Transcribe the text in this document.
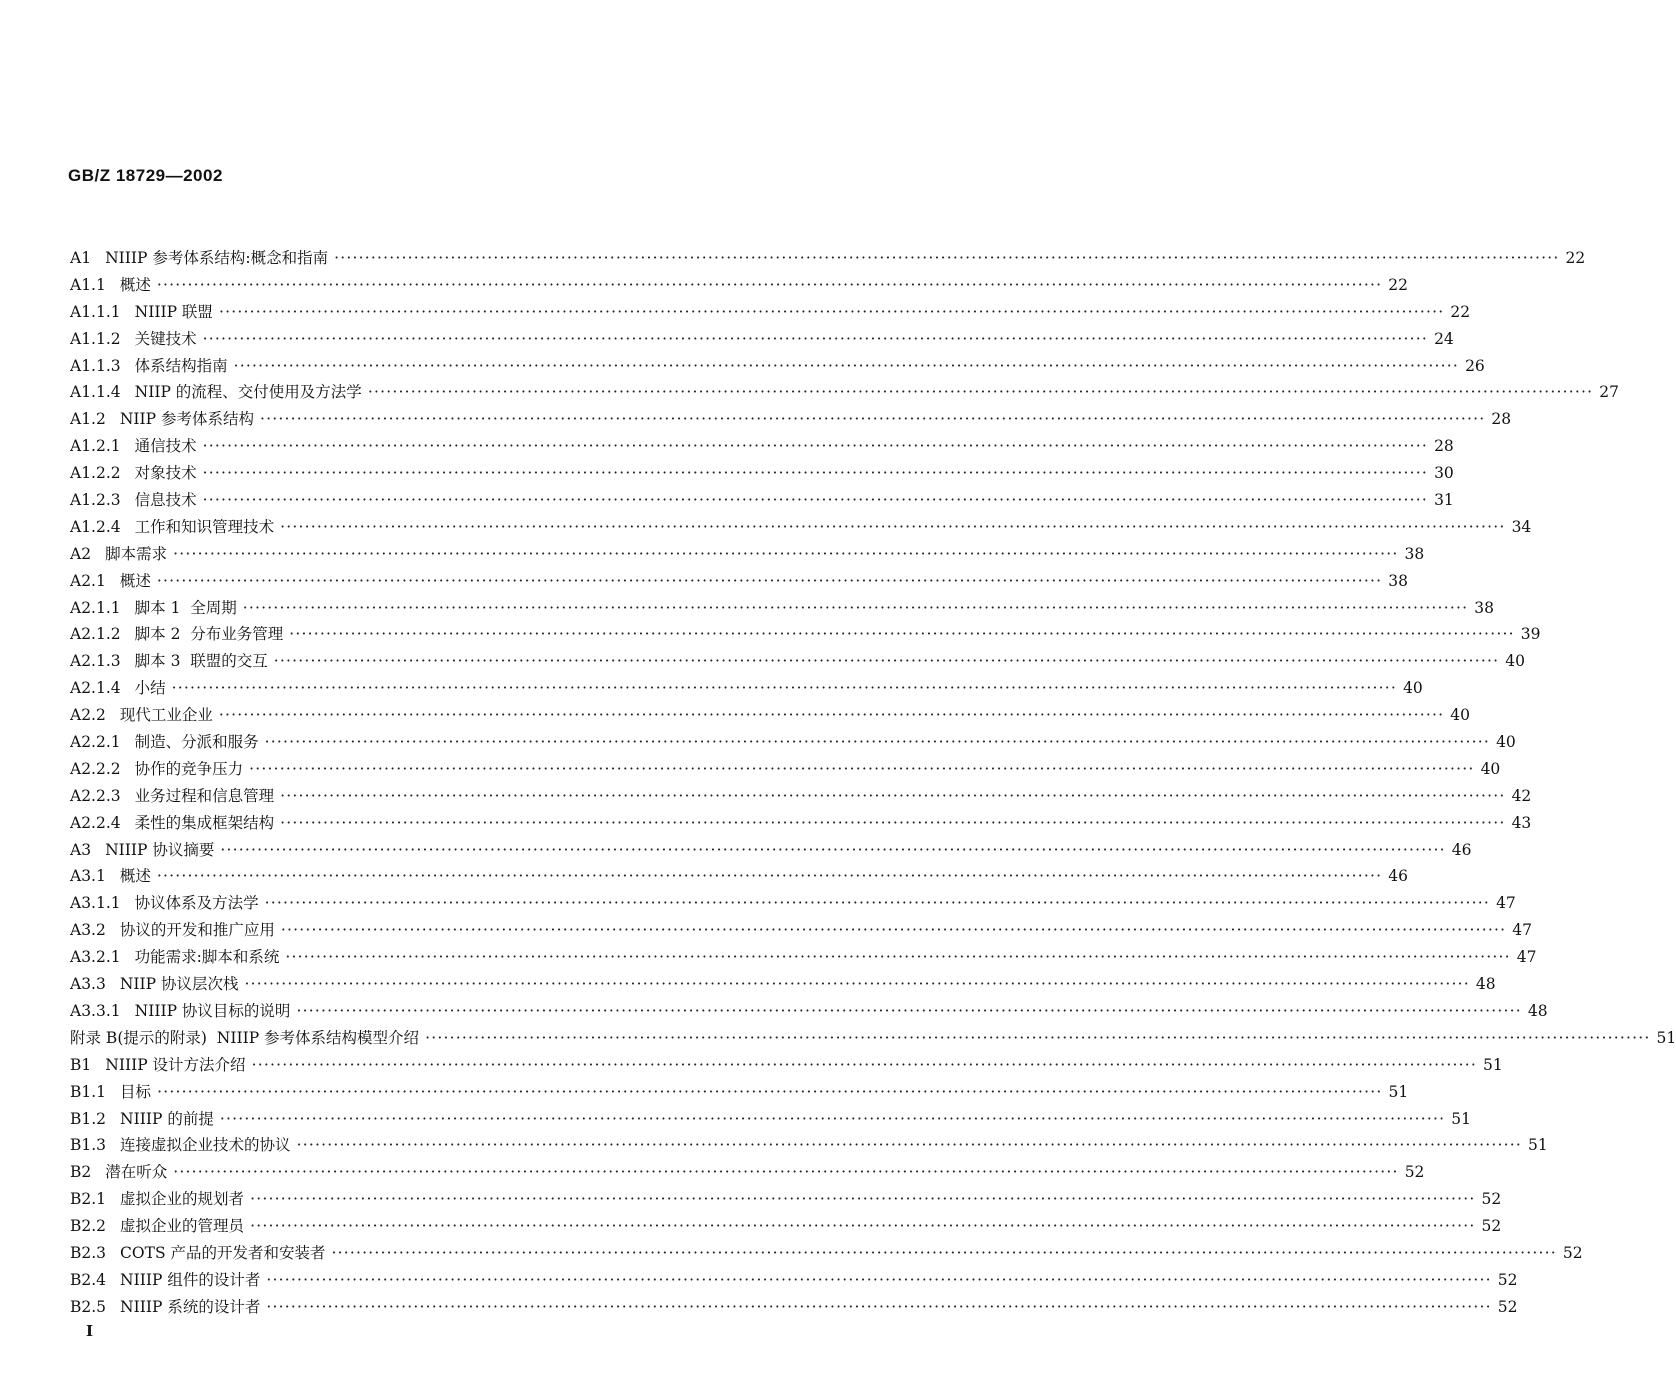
GB/Z 18729—2002
A1 NIIIP 参考体系结构:概念和指南 ········································································································································································································ 22
A1.1 概述 ········································································································································································································ 22
A1.1.1 NIIIP 联盟 ········································································································································································································ 22
A1.1.2 关键技术 ········································································································································································································ 24
A1.1.3 体系结构指南 ········································································································································································································ 26
A1.1.4 NIIP 的流程、交付使用及方法学 ········································································································································································································ 27
A1.2 NIIP 参考体系结构 ········································································································································································································ 28
A1.2.1 通信技术 ········································································································································································································ 28
A1.2.2 对象技术 ········································································································································································································ 30
A1.2.3 信息技术 ········································································································································································································ 31
A1.2.4 工作和知识管理技术 ········································································································································································································ 34
A2 脚本需求 ········································································································································································································ 38
A2.1 概述 ········································································································································································································ 38
A2.1.1 脚本 1  全周期 ········································································································································································································ 38
A2.1.2 脚本 2  分布业务管理 ········································································································································································································ 39
A2.1.3 脚本 3  联盟的交互 ········································································································································································································ 40
A2.1.4 小结 ········································································································································································································ 40
A2.2 现代工业企业 ········································································································································································································ 40
A2.2.1 制造、分派和服务 ········································································································································································································ 40
A2.2.2 协作的竞争压力 ········································································································································································································ 40
A2.2.3 业务过程和信息管理 ········································································································································································································ 42
A2.2.4 柔性的集成框架结构 ········································································································································································································ 43
A3 NIIIP 协议摘要 ········································································································································································································ 46
A3.1 概述 ········································································································································································································ 46
A3.1.1 协议体系及方法学 ········································································································································································································ 47
A3.2 协议的开发和推广应用 ········································································································································································································ 47
A3.2.1 功能需求:脚本和系统 ········································································································································································································ 47
A3.3 NIIP 协议层次栈 ········································································································································································································ 48
A3.3.1 NIIIP 协议目标的说明 ········································································································································································································ 48
附录 B(提示的附录)  NIIIP 参考体系结构模型介绍 ········································································································································································································ 51
B1 NIIIP 设计方法介绍 ········································································································································································································ 51
B1.1 目标 ········································································································································································································ 51
B1.2 NIIIP 的前提 ········································································································································································································ 51
B1.3 连接虚拟企业技术的协议 ········································································································································································································ 51
B2 潜在听众 ········································································································································································································ 52
B2.1 虚拟企业的规划者 ········································································································································································································ 52
B2.2 虚拟企业的管理员 ········································································································································································································ 52
B2.3 COTS 产品的开发者和安装者 ········································································································································································································ 52
B2.4 NIIIP 组件的设计者 ········································································································································································································ 52
B2.5 NIIIP 系统的设计者 ········································································································································································································ 52
I
